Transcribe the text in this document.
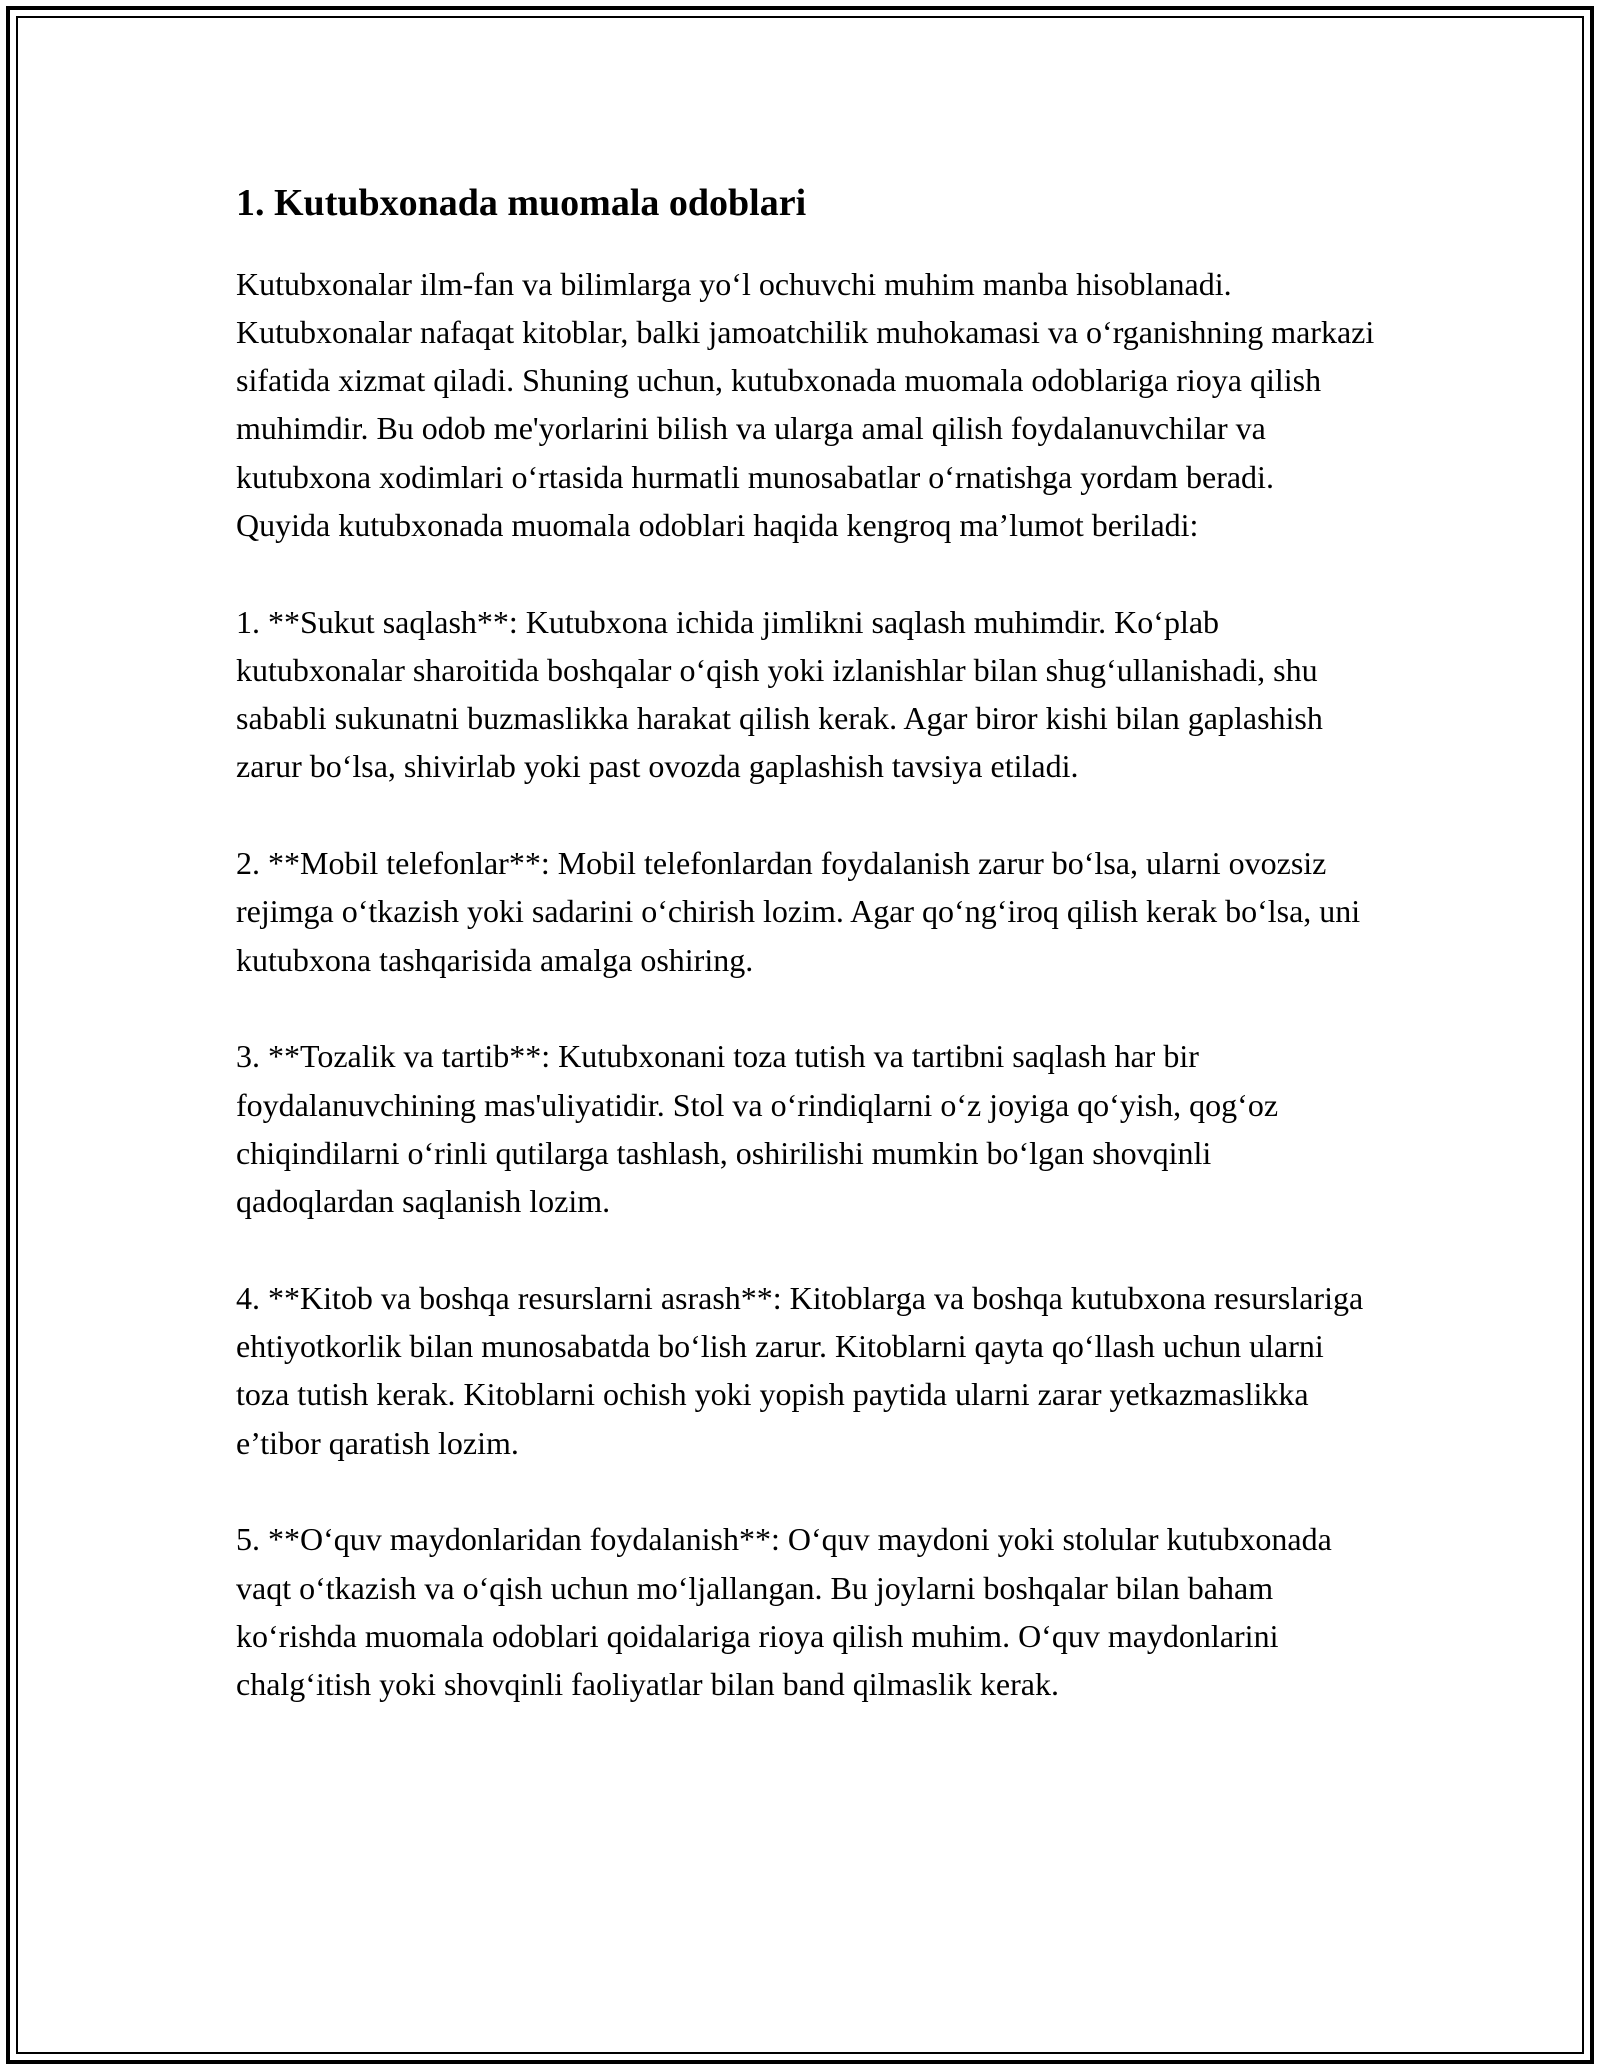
1. Kutubxonada muomala odoblari

Kutubxonalar ilm-fan va bilimlarga yo‘l ochuvchi muhim manba hisoblanadi. Kutubxonalar nafaqat kitoblar, balki jamoatchilik muhokamasi va o‘rganishning markazi sifatida xizmat qiladi. Shuning uchun, kutubxonada muomala odoblariga rioya qilish muhimdir. Bu odob me'yorlarini bilish va ularga amal qilish foydalanuvchilar va kutubxona xodimlari o‘rtasida hurmatli munosabatlar o‘rnatishga yordam beradi. Quyida kutubxonada muomala odoblari haqida kengroq ma’lumot beriladi:

1. **Sukut saqlash**: Kutubxona ichida jimlikni saqlash muhimdir. Ko‘plab kutubxonalar sharoitida boshqalar o‘qish yoki izlanishlar bilan shug‘ullanishadi, shu sababli sukunatni buzmaslikka harakat qilish kerak. Agar biror kishi bilan gaplashish zarur bo‘lsa, shivirlab yoki past ovozda gaplashish tavsiya etiladi.

2. **Mobil telefonlar**: Mobil telefonlardan foydalanish zarur bo‘lsa, ularni ovozsiz rejimga o‘tkazish yoki sadarini o‘chirish lozim. Agar qo‘ng‘iroq qilish kerak bo‘lsa, uni kutubxona tashqarisida amalga oshiring.

3. **Tozalik va tartib**: Kutubxonani toza tutish va tartibni saqlash har bir foydalanuvchining mas'uliyatidir. Stol va o‘rindiqlarni o‘z joyiga qo‘yish, qog‘oz chiqindilarni o‘rinli qutilarga tashlash, oshirilishi mumkin bo‘lgan shovqinli qadoqlardan saqlanish lozim.

4. **Kitob va boshqa resurslarni asrash**: Kitoblarga va boshqa kutubxona resurslariga ehtiyotkorlik bilan munosabatda bo‘lish zarur. Kitoblarni qayta qo‘llash uchun ularni toza tutish kerak. Kitoblarni ochish yoki yopish paytida ularni zarar yetkazmaslikka e’tibor qaratish lozim.

5. **O‘quv maydonlaridan foydalanish**: O‘quv maydoni yoki stolular kutubxonada vaqt o‘tkazish va o‘qish uchun mo‘ljallangan. Bu joylarni boshqalar bilan baham ko‘rishda muomala odoblari qoidalariga rioya qilish muhim. O‘quv maydonlarini chalg‘itish yoki shovqinli faoliyatlar bilan band qilmaslik kerak.
